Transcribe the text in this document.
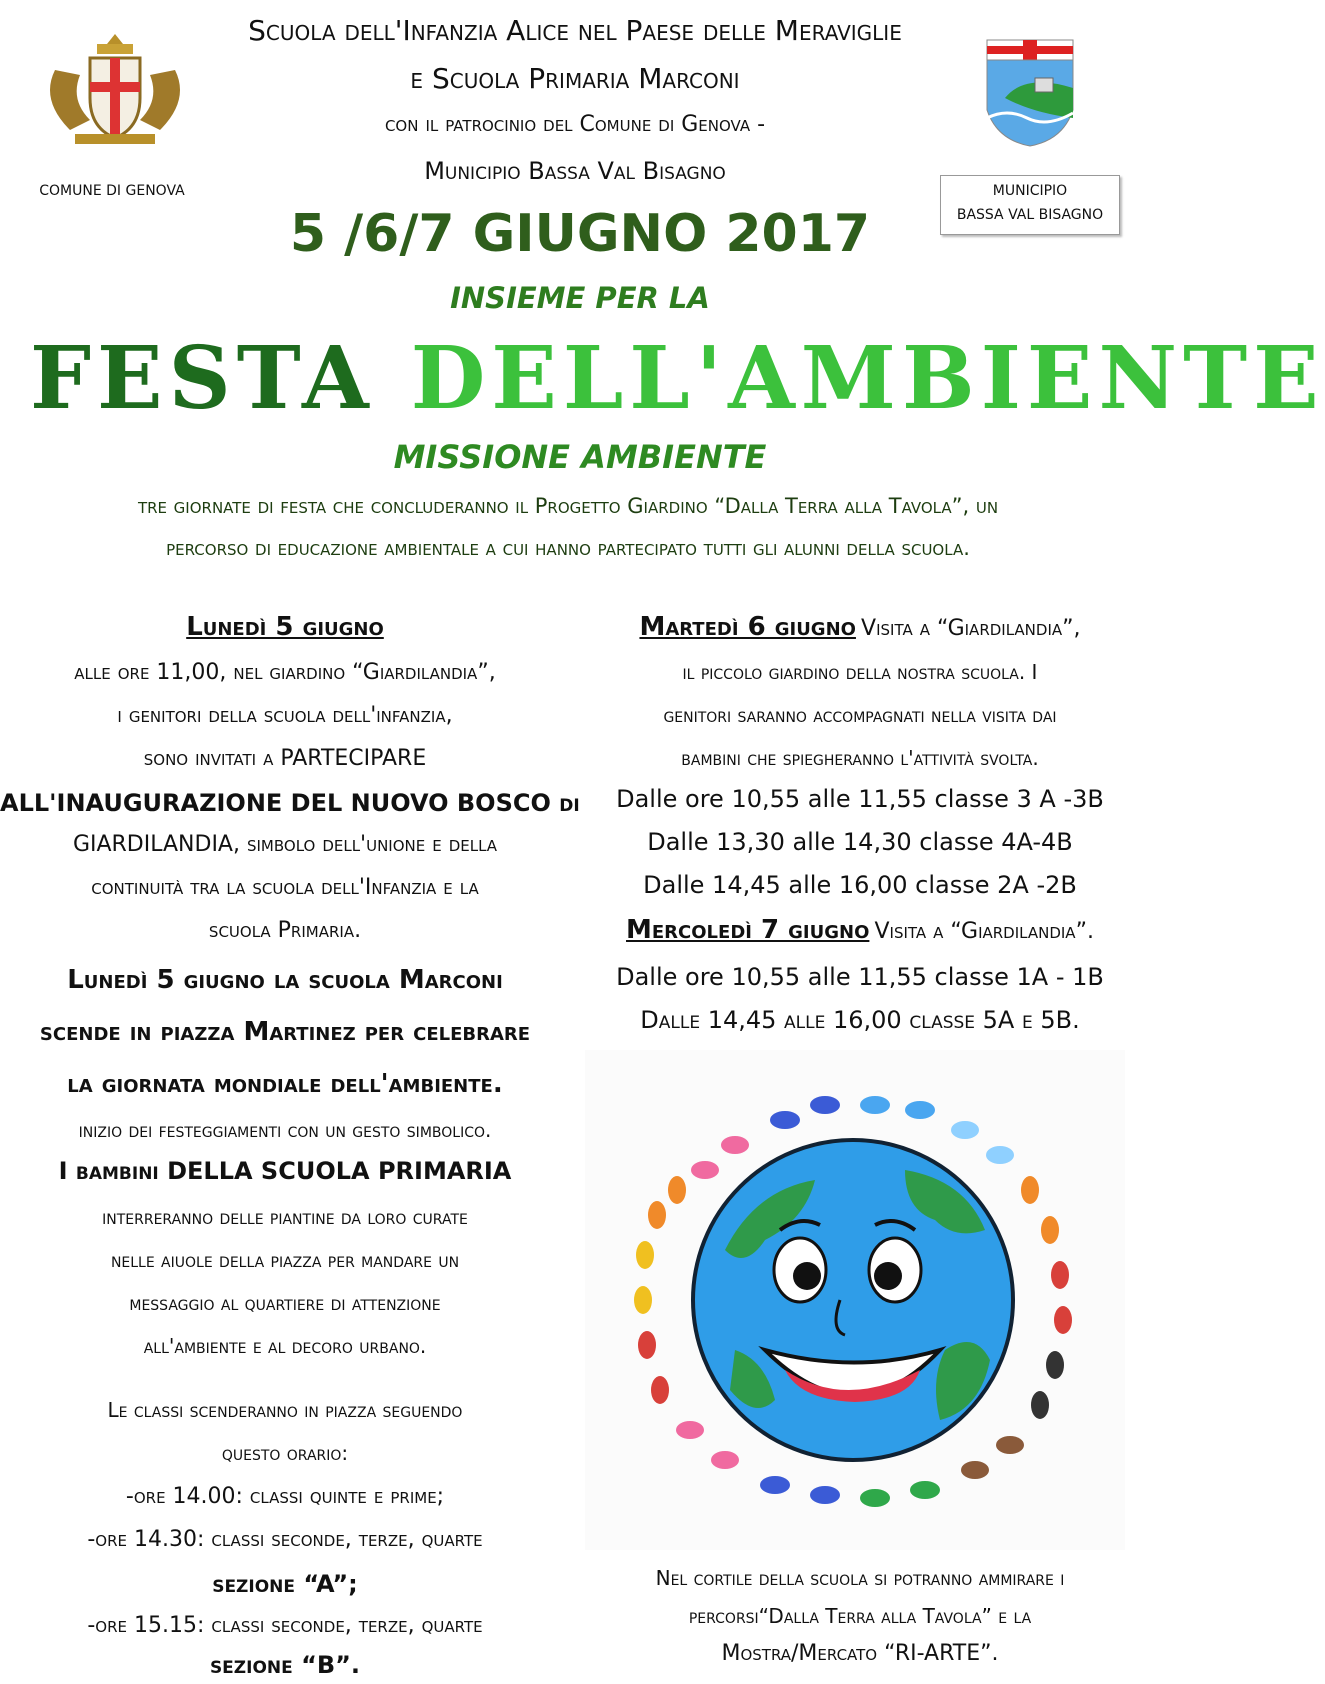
Scuola dell'Infanzia Alice nel Paese delle Meraviglie
e Scuola Primaria Marconi
con il patrocinio del Comune di Genova -
Municipio Bassa Val Bisagno
COMUNE DI GENOVA	MUNICIPIO
BASSA VAL BISAGNO
5 /6/7 GIUGNO 2017
INSIEME PER LA
FESTA DELL'AMBIENTE
MISSIONE AMBIENTE
tre giornate di festa che concluderanno il Progetto Giardino “Dalla Terra alla Tavola”, un
percorso di educazione ambientale a cui hanno partecipato tutti gli alunni della scuola.
Lunedì 5 giugno
alle ore 11,00, nel giardino “Giardilandia”,
i genitori della scuola dell'infanzia,
sono invitati a PARTECIPARE
ALL'INAUGURAZIONE DEL NUOVO BOSCO di
GIARDILANDIA, simbolo dell'unione e della
continuità tra la scuola dell'Infanzia e la
scuola Primaria.
Lunedì 5 giugno la scuola Marconi
scende in piazza Martinez per celebrare
la giornata mondiale dell'ambiente.
inizio dei festeggiamenti con un gesto simbolico.
I bambini DELLA SCUOLA PRIMARIA
interreranno delle piantine da loro curate
nelle aiuole della piazza per mandare un
messaggio al quartiere di attenzione
all'ambiente e al decoro urbano.
Le classi scenderanno in piazza seguendo
questo orario:
-ore 14.00: classi quinte e prime;
-ore 14.30: classi seconde, terze, quarte
sezione “A”;
-ore 15.15: classi seconde, terze, quarte
sezione “B”.
Martedì 6 giugno Visita a “Giardilandia”,
il piccolo giardino della nostra scuola. I
genitori saranno accompagnati nella visita dai
bambini che spiegheranno l'attività svolta.
Dalle ore 10,55 alle 11,55 classe 3 A -3B
Dalle 13,30 alle 14,30 classe 4A-4B
Dalle 14,45 alle 16,00 classe 2A -2B
Mercoledì 7 giugno Visita a “Giardilandia”.
Dalle ore 10,55 alle 11,55 classe 1A - 1B
Dalle 14,45 alle 16,00 classe 5A e 5B.
Nel cortile della scuola si potranno ammirare i
percorsi“Dalla Terra alla Tavola” e la
Mostra/Mercato “RI-ARTE”.
